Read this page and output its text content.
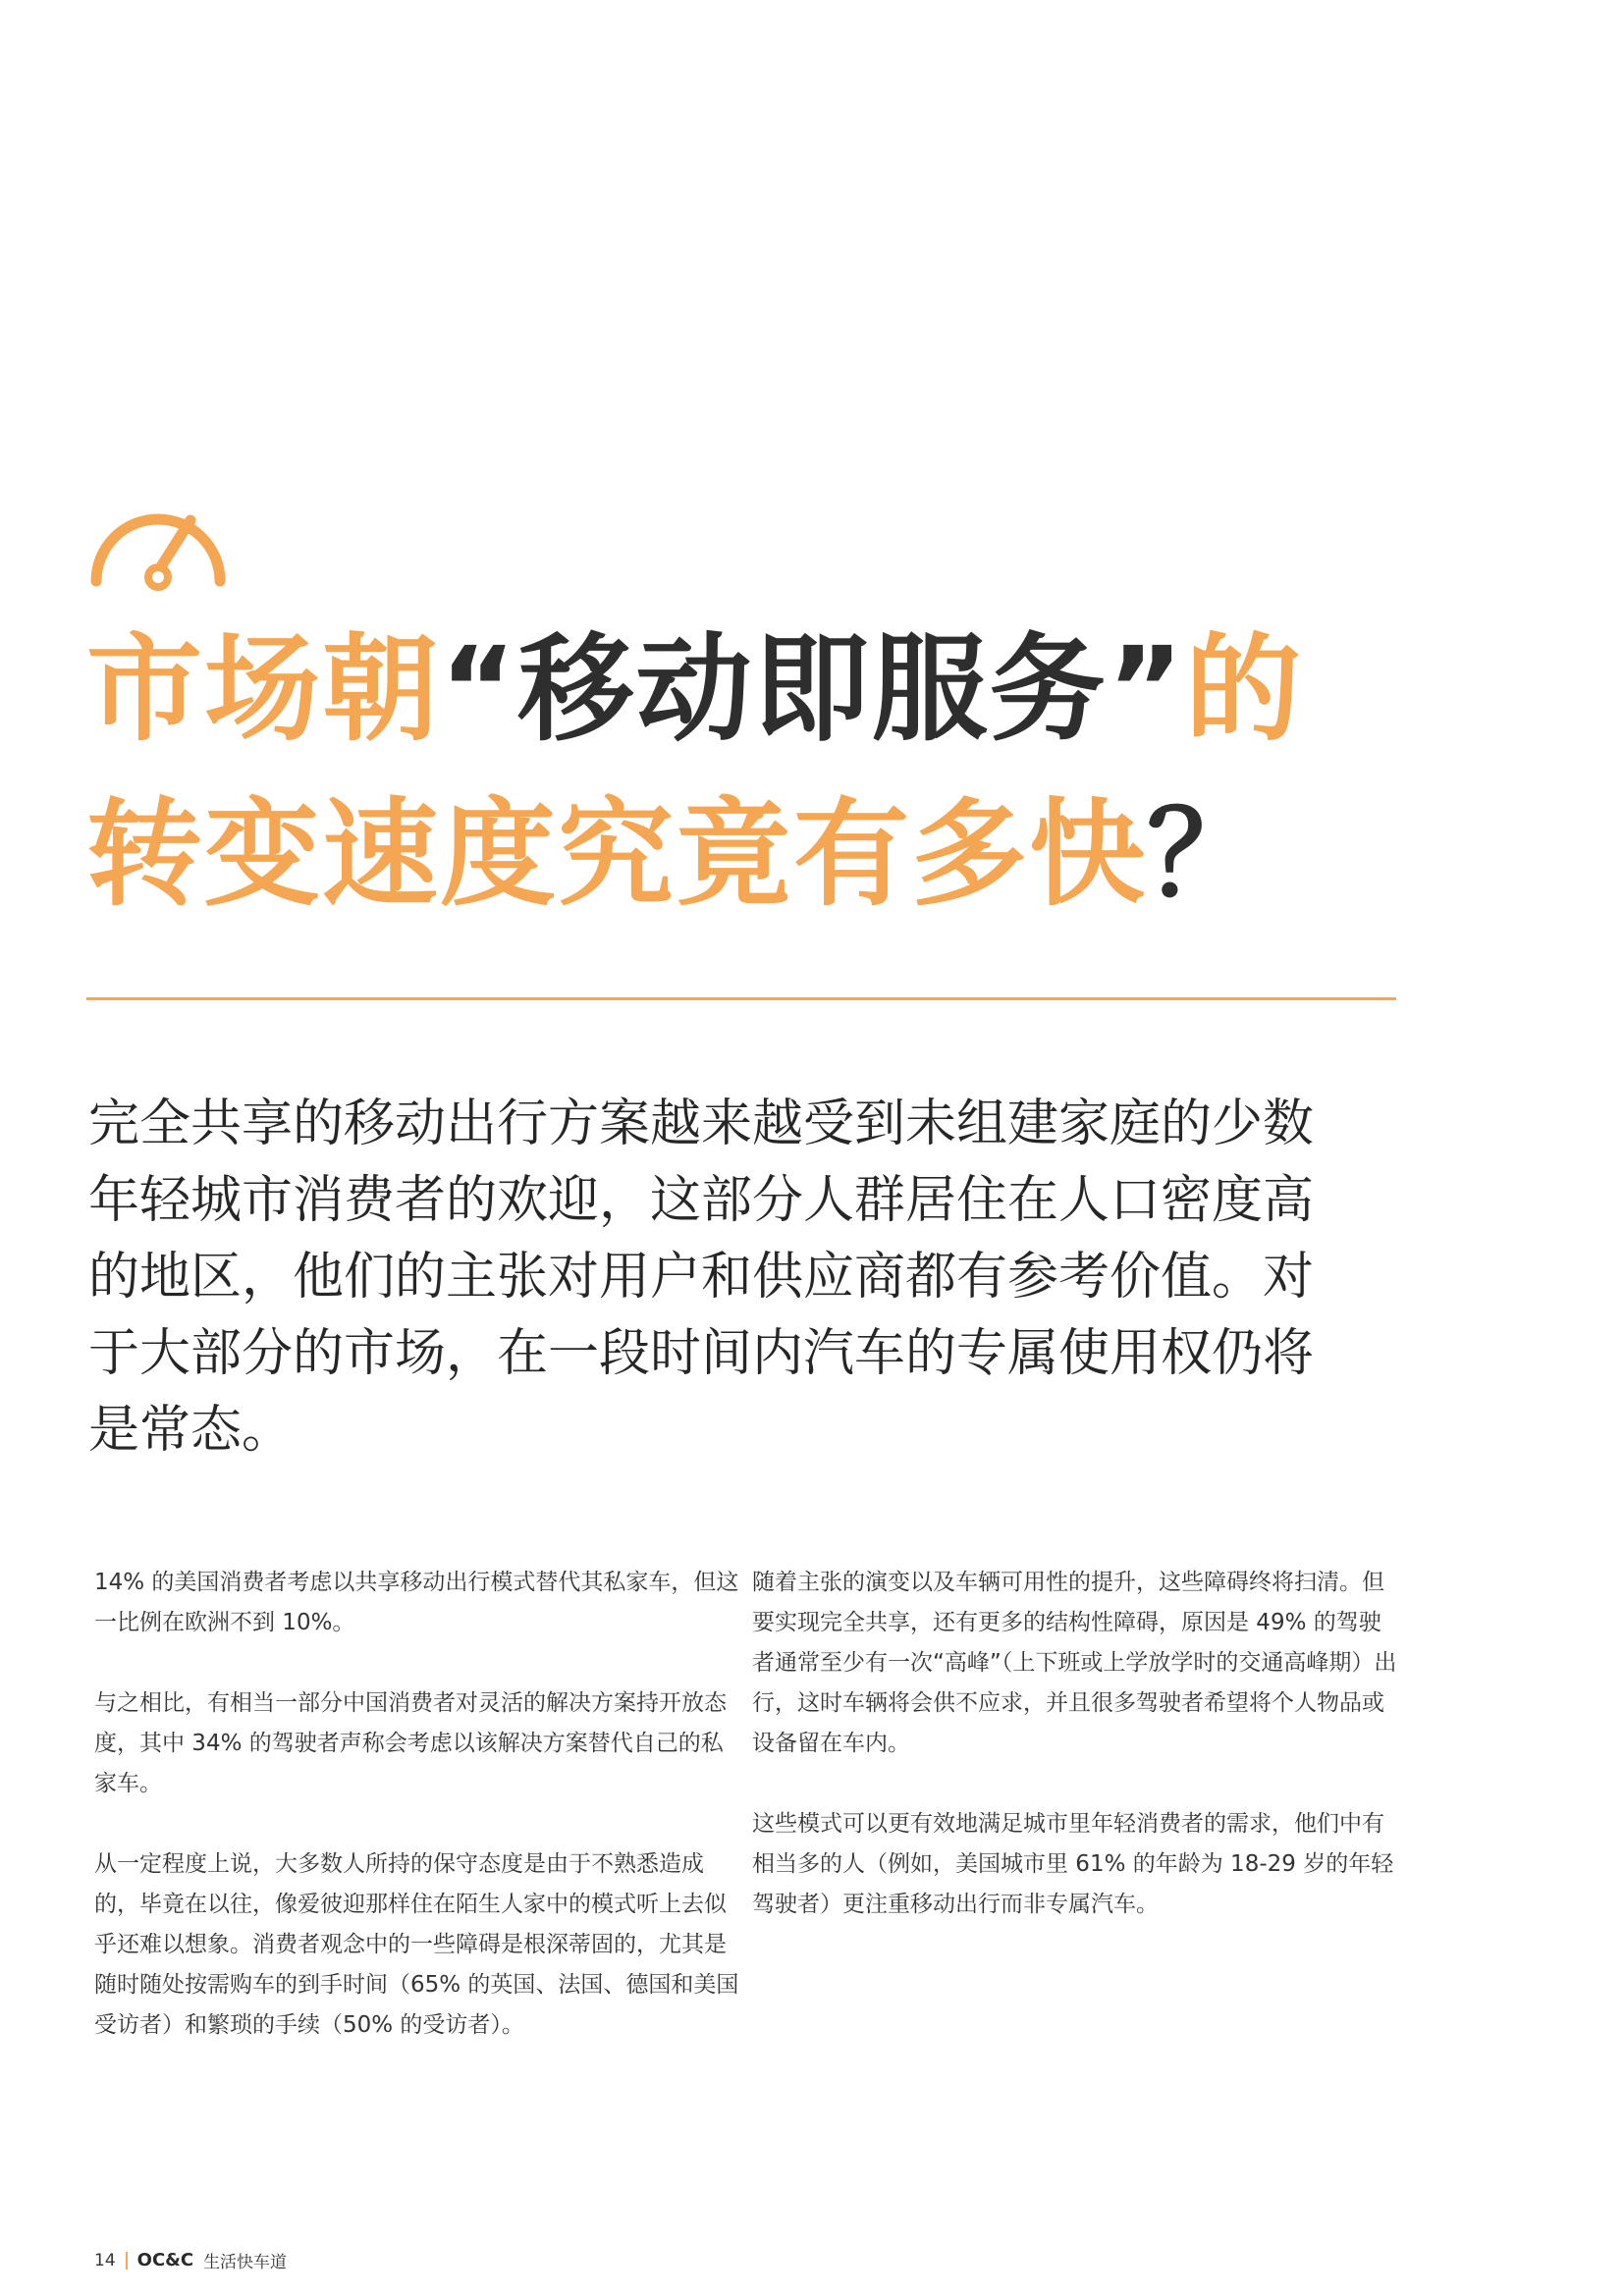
市场朝“移动即服务”的
转变速度究竟有多快？

完全共享的移动出行方案越来越受到未组建家庭的少数年轻城市消费者的欢迎，这部分人群居住在人口密度高的地区，他们的主张对用户和供应商都有参考价值。对于大部分的市场，在一段时间内汽车的专属使用权仍将是常态。

14% 的美国消费者考虑以共享移动出行模式替代其私家车，但这一比例在欧洲不到 10%。

与之相比，有相当一部分中国消费者对灵活的解决方案持开放态度，其中 34% 的驾驶者声称会考虑以该解决方案替代自己的私家车。

从一定程度上说，大多数人所持的保守态度是由于不熟悉造成的，毕竟在以往，像爱彼迎那样住在陌生人家中的模式听上去似乎还难以想象。消费者观念中的一些障碍是根深蒂固的，尤其是随时随处按需购车的到手时间（65% 的英国、法国、德国和美国受访者）和繁琐的手续（50% 的受访者）。

随着主张的演变以及车辆可用性的提升，这些障碍终将扫清。但要实现完全共享，还有更多的结构性障碍，原因是 49% 的驾驶者通常至少有一次“高峰”（上下班或上学放学时的交通高峰期）出行，这时车辆将会供不应求，并且很多驾驶者希望将个人物品或设备留在车内。

这些模式可以更有效地满足城市里年轻消费者的需求，他们中有相当多的人（例如，美国城市里 61% 的年龄为 18-29 岁的年轻驾驶者）更注重移动出行而非专属汽车。

14 OC&C 生活快车道
